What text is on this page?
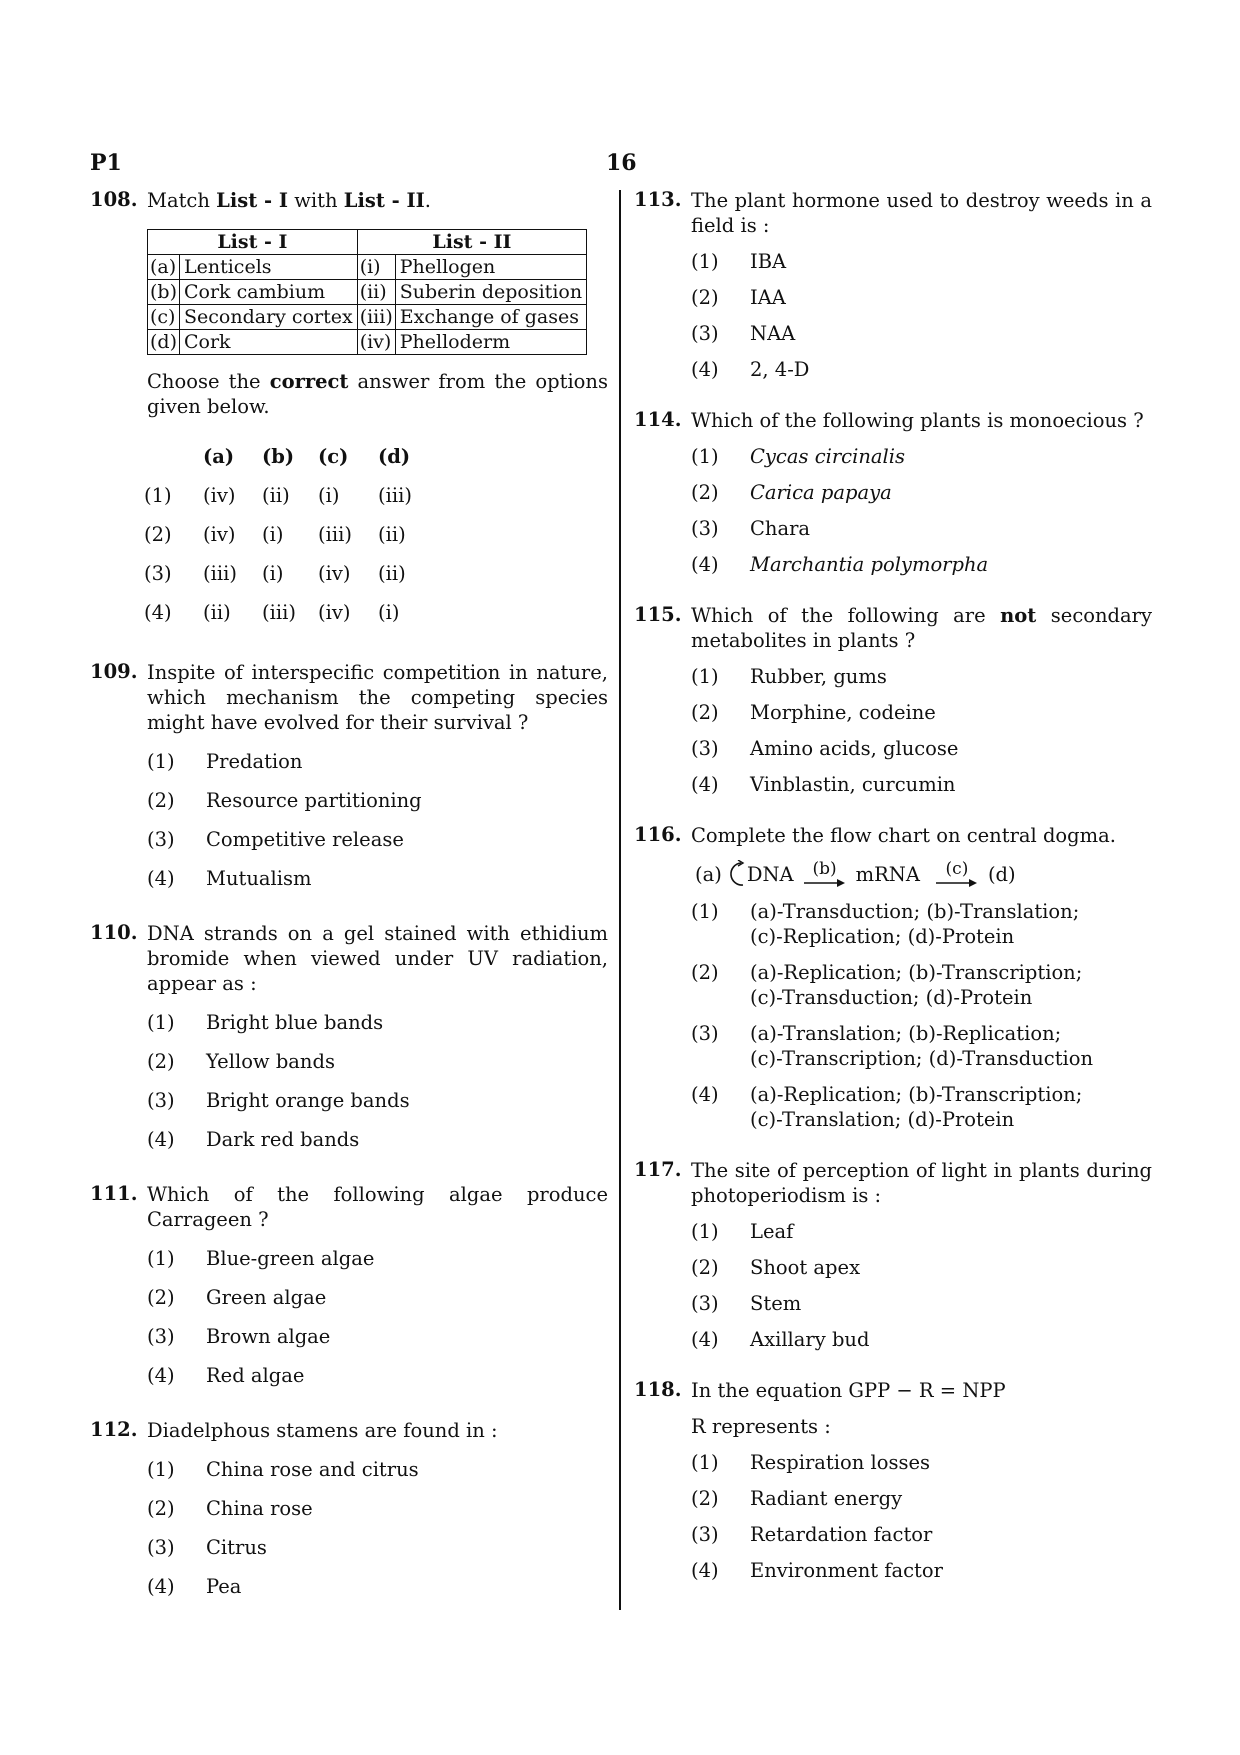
P1	16
108. Match List - I with List - II.
List - I		List - II	
(a)	Lenticels	(i)	Phellogen
(b)	Cork cambium	(ii)	Suberin deposition
(c)	Secondary cortex	(iii)	Exchange of gases
(d)	Cork	(iv)	Phelloderm
Choose the correct answer from the options given below.
	(a)	(b)	(c)	(d)
(1)	(iv)	(ii)	(i)	(iii)
(2)	(iv)	(i)	(iii)	(ii)
(3)	(iii)	(i)	(iv)	(ii)
(4)	(ii)	(iii)	(iv)	(i)
109. Inspite of interspecific competition in nature, which mechanism the competing species might have evolved for their survival ?
(1) Predation
(2) Resource partitioning
(3) Competitive release
(4) Mutualism
110. DNA strands on a gel stained with ethidium bromide when viewed under UV radiation, appear as :
(1) Bright blue bands
(2) Yellow bands
(3) Bright orange bands
(4) Dark red bands
111. Which of the following algae produce Carrageen ?
(1) Blue-green algae
(2) Green algae
(3) Brown algae
(4) Red algae
112. Diadelphous stamens are found in :
(1) China rose and citrus
(2) China rose
(3) Citrus
(4) Pea
113. The plant hormone used to destroy weeds in a field is :
(1) IBA
(2) IAA
(3) NAA
(4) 2, 4-D
114. Which of the following plants is monoecious ?
(1) Cycas circinalis
(2) Carica papaya
(3) Chara
(4) Marchantia polymorpha
115. Which of the following are not secondary metabolites in plants ?
(1) Rubber, gums
(2) Morphine, codeine
(3) Amino acids, glucose
(4) Vinblastin, curcumin
116. Complete the flow chart on central dogma.
(a) DNA (b) mRNA (c) (d)
(1) (a)-Transduction; (b)-Translation;
(c)-Replication; (d)-Protein
(2) (a)-Replication; (b)-Transcription;
(c)-Transduction; (d)-Protein
(3) (a)-Translation; (b)-Replication;
(c)-Transcription; (d)-Transduction
(4) (a)-Replication; (b)-Transcription;
(c)-Translation; (d)-Protein
117. The site of perception of light in plants during photoperiodism is :
(1) Leaf
(2) Shoot apex
(3) Stem
(4) Axillary bud
118. In the equation GPP − R = NPP
R represents :
(1) Respiration losses
(2) Radiant energy
(3) Retardation factor
(4) Environment factor
